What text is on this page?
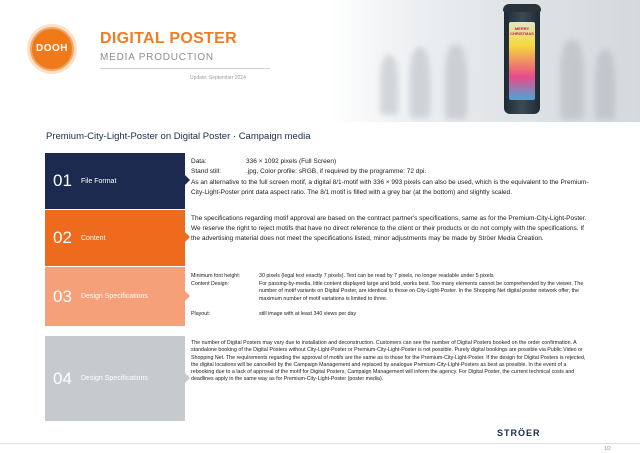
DOOH
DIGITAL POSTER
MEDIA PRODUCTION
Update: September 2024
MERRY CHRISTMAS
Premium-City-Light-Poster on Digital Poster · Campaign media
01	File Format
Data:	336 × 1092 pixels (Full Screen)
Stand still:	.jpg, Color profile: sRGB, if required by the programme: 72 dpi.

As an alternative to the full screen motif, a digital 8/1-motif with 336 × 993 pixels can also be used, which is the equivalent to the Premium-City-Light-Poster print data aspect ratio. The 8/1 motif is filled with a grey bar (at the bottom) and slightly scaled.

02	Content

The specifications regarding motif approval are based on the contract partner's specifications, same as for the Premium-City-Light-Poster. We reserve the right to reject motifs that have no direct reference to the client or their products or do not comply with the specifications. If the advertising material does not meet the specifications listed, minor adjustments may be made by Ströer Media Creation.

03	Design Specifications
Minimum font height:	30 pixels (legal text exactly 7 pixels). Text can be read by 7 pixels, no longer readable under 5 pixels
Content Design:	For passing-by-media, little content displayed large and bold, works best. Too many elements cannot be comprehended by the viewer. The number of motif variants on Digital Poster, are identical to those on City-Light-Poster. In the Shopping Net digital poster network offer, the maximum number of motif variations is limited to three.
Playout:	still image with at least 340 views per day
04	Design Specifications

The number of Digital Posters may vary due to installation and deconstruction. Customers can see the number of Digital Posters booked on the order confirmation. A standalone booking of the Digital Posters without City-Light-Poster or Premium-City-Light-Poster is not possible. Purely digital bookings are possible via Public Video or Shopping Net. The requirements regarding the approval of motifs are the same as to those for the Premium-City-Light-Poster. If the design for Digital Posters is rejected, the digital locations will be cancelled by the Campaign Management and replaced by analogue Premium-City-Light-Posters as best as possible. In the event of a rebooking due to a lack of approval of the motif for Digital Posters, Campaign Management will inform the agency. For Digital Poster, the current technical costs and deadlines apply in the same way as for Premium-City-Light-Poster (poster media).

STRÖER
1/2
